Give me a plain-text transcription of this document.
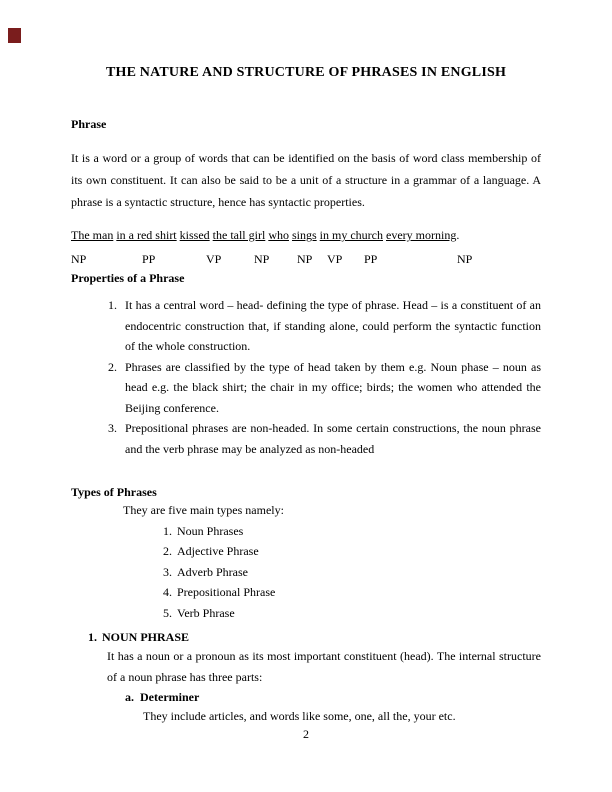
THE NATURE AND STRUCTURE OF PHRASES IN ENGLISH
Phrase
It is a word or a group of words that can be identified on the basis of word class membership of its own constituent. It can also be said to be a unit of a structure in a grammar of a language. A phrase is a syntactic structure, hence has syntactic properties.
The man in a red shirt kissed the tall girl who sings in my church every morning.
NP	PP	VP	NP NP VP PP	NP
Properties of a Phrase
1. It has a central word – head- defining the type of phrase. Head – is a constituent of an endocentric construction that, if standing alone, could perform the syntactic function of the whole construction.
2. Phrases are classified by the type of head taken by them e.g. Noun phase – noun as head e.g. the black shirt; the chair in my office; birds; the women who attended the Beijing conference.
3. Prepositional phrases are non-headed. In some certain constructions, the noun phrase and the verb phrase may be analyzed as non-headed
Types of Phrases
They are five main types namely:
1. Noun Phrases
2. Adjective Phrase
3. Adverb Phrase
4. Prepositional Phrase
5. Verb Phrase
1. NOUN PHRASE
It has a noun or a pronoun as its most important constituent (head). The internal structure of a noun phrase has three parts:
a. Determiner
They include articles, and words like some, one, all the, your etc.
2
